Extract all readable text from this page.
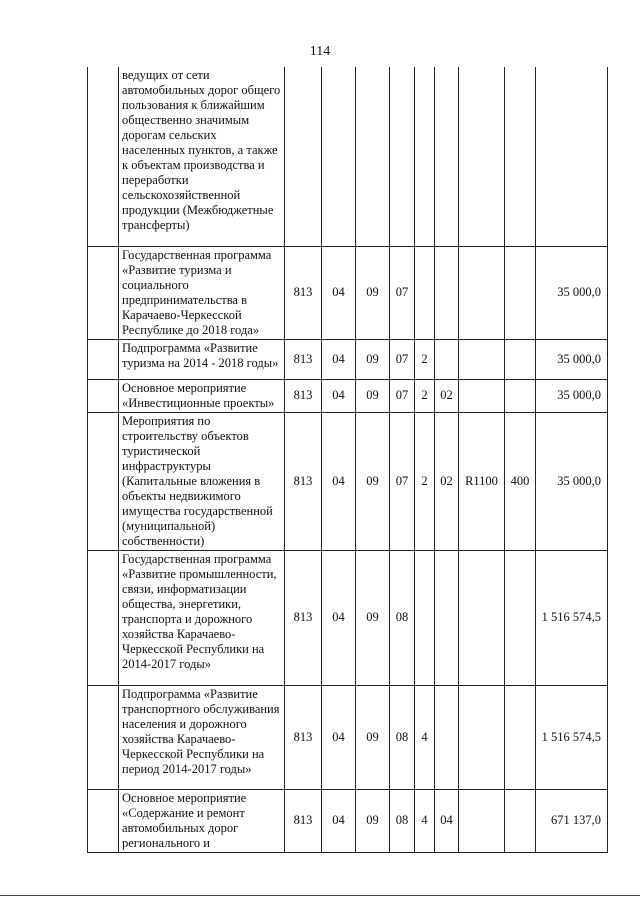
114
	ведущих от сети автомобильных дорог общего пользования к ближайшим общественно значимым дорогам сельских населенных пунктов, а также к объектам производства и переработки сельскохозяйственной продукции (Межбюджетные трансферты)									
	Государственная программа «Развитие туризма и социального предпринимательства в Карачаево-Черкесской Республике до 2018 года»	813	04	09	07					35 000,0
	Подпрограмма «Развитие туризма на 2014 - 2018 годы»	813	04	09	07	2				35 000,0
	Основное мероприятие «Инвестиционные проекты»	813	04	09	07	2	02			35 000,0
	Мероприятия по строительству объектов туристической инфраструктуры (Капитальные вложения в объекты недвижимого имущества государственной (муниципальной) собственности)	813	04	09	07	2	02	R1100	400	35 000,0
	Государственная программа «Развитие промышленности, связи, информатизации общества, энергетики, транспорта и дорожного хозяйства Карачаево-Черкесской Республики на 2014-2017 годы»	813	04	09	08					1 516 574,5
	Подпрограмма «Развитие транспортного обслуживания населения и дорожного хозяйства Карачаево-Черкесской Республики на период 2014-2017 годы»	813	04	09	08	4				1 516 574,5
	Основное мероприятие «Содержание и ремонт автомобильных дорог регионального и	813	04	09	08	4	04			671 137,0
